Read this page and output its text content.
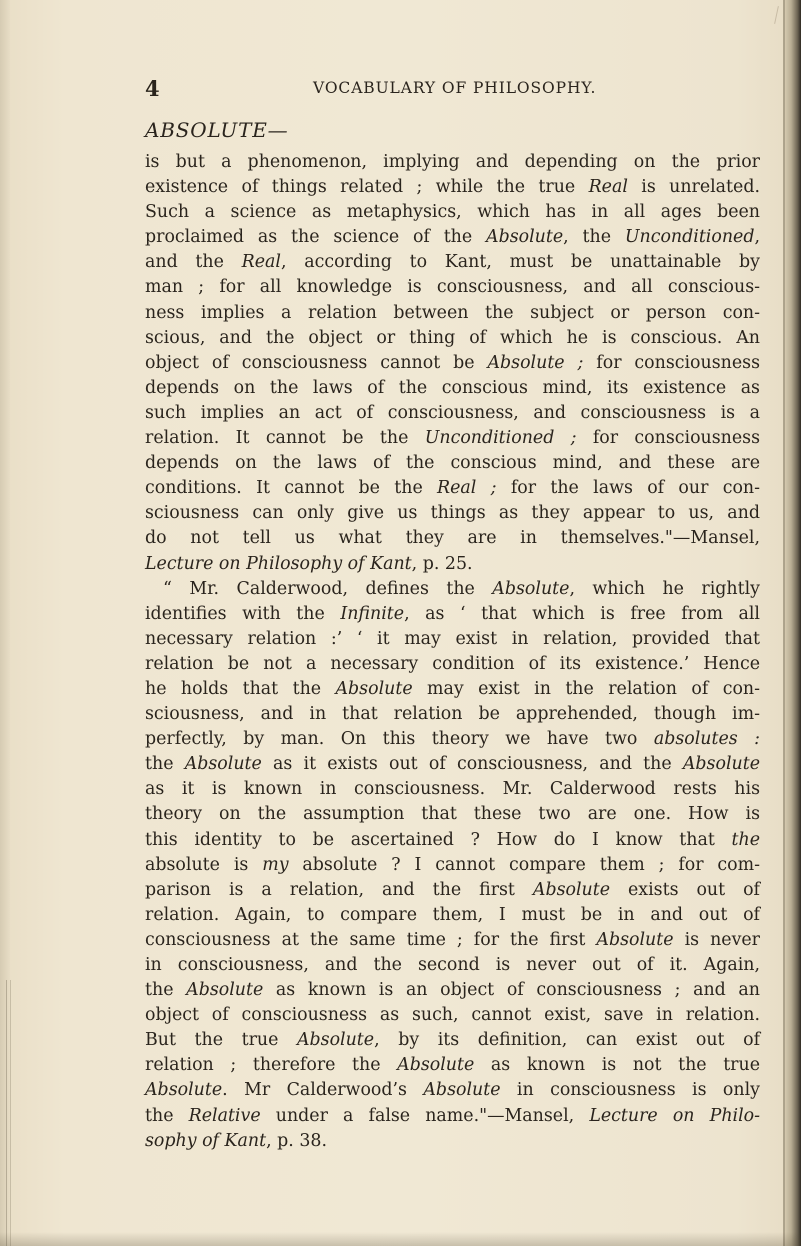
4	VOCABULARY OF PHILOSOPHY.
ABSOLUTE—
is but a phenomenon, implying and depending on the prior
existence of things related ; while the true Real is unrelated.
Such a science as metaphysics, which has in all ages been
proclaimed as the science of the Absolute, the Unconditioned,
and the Real, according to Kant, must be unattainable by
man ; for all knowledge is consciousness, and all conscious-
ness implies a relation between the subject or person con-
scious, and the object or thing of which he is conscious. An
object of consciousness cannot be Absolute ; for consciousness
depends on the laws of the conscious mind, its existence as
such implies an act of consciousness, and consciousness is a
relation. It cannot be the Unconditioned ; for consciousness
depends on the laws of the conscious mind, and these are
conditions. It cannot be the Real ; for the laws of our con-
sciousness can only give us things as they appear to us, and
do not tell us what they are in themselves."—Mansel,
Lecture on Philosophy of Kant, p. 25.
“ Mr. Calderwood, defines the Absolute, which he rightly
identifies with the Infinite, as ‘ that which is free from all
necessary relation :’ ‘ it may exist in relation, provided that
relation be not a necessary condition of its existence.’ Hence
he holds that the Absolute may exist in the relation of con-
sciousness, and in that relation be apprehended, though im-
perfectly, by man. On this theory we have two absolutes :
the Absolute as it exists out of consciousness, and the Absolute
as it is known in consciousness. Mr. Calderwood rests his
theory on the assumption that these two are one. How is
this identity to be ascertained ? How do I know that the
absolute is my absolute ? I cannot compare them ; for com-
parison is a relation, and the first Absolute exists out of
relation. Again, to compare them, I must be in and out of
consciousness at the same time ; for the first Absolute is never
in consciousness, and the second is never out of it. Again,
the Absolute as known is an object of consciousness ; and an
object of consciousness as such, cannot exist, save in relation.
But the true Absolute, by its definition, can exist out of
relation ; therefore the Absolute as known is not the true
Absolute. Mr Calderwood’s Absolute in consciousness is only
the Relative under a false name."—Mansel, Lecture on Philo-
sophy of Kant, p. 38.
